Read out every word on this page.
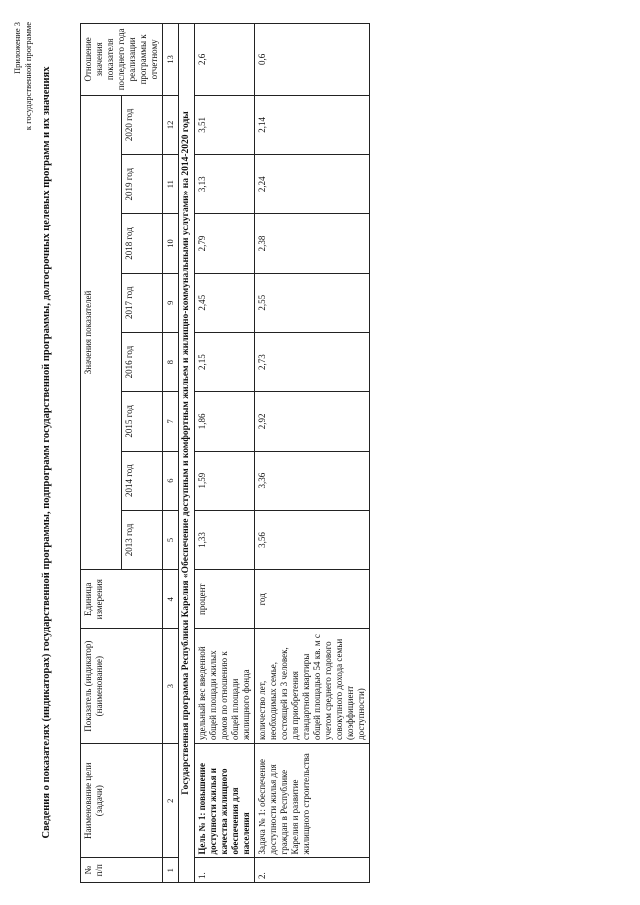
Приложение 3 к государственной программе Сведения о показателях (индикаторах) государственной программы, подпрограмм государственной программы, долгосрочных целевых программ и их значениях
№ п/п	Наименование цели (задачи)	Показатель (индикатор) (наименование)	Единица измерения	Значения показателей								Отношение значения показателя последнего года реализации программы к отчетному
				2013 год	2014 год	2015 год	2016 год	2017 год	2018 год	2019 год	2020 год	
1	2	3	4	5	6	7	8	9	10	11	12	13
Государственная программа Республики Карелия «Обеспечение доступным и комфортным жильем и жилищно-коммунальными услугами» на 2014-2020 годы												
1.	Цель № 1: повышение доступности жилья и качества жилищного обеспечения для населения	удельный вес введенной общей площади жилых домов по отношению к общей площади жилищного фонда	процент	1,33	1,59	1,86	2,15	2,45	2,79	3,13	3,51	2,6
2.	Задача № 1: обеспечение доступности жилья для граждан в Республике Карелия и развитие жилищного строительства	количество лет, необходимых семье, состоящей из 3 человек, для приобретения стандартной квартиры общей площадью 54 кв. м с учетом среднего годового совокупного дохода семьи (коэффициент доступности)	год	3,56	3,36	2,92	2,73	2,55	2,38	2,24	2,14	0,6
